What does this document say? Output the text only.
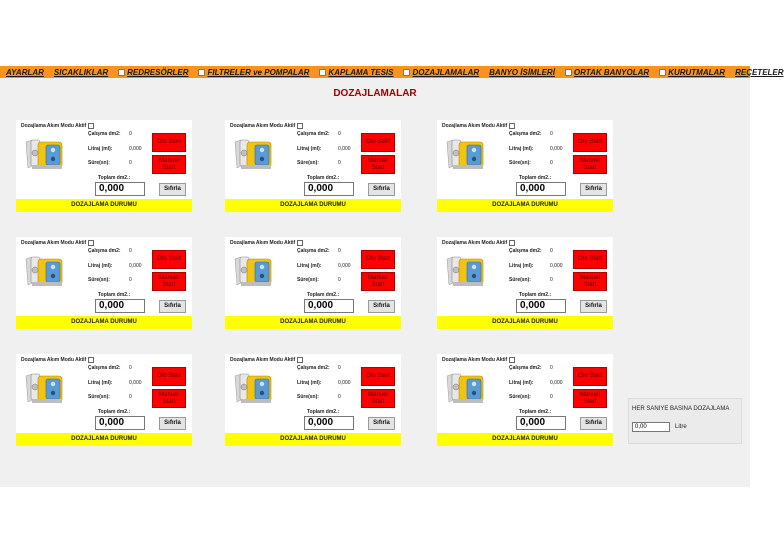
AYARLAR SICAKLIKLAR REDRESÖRLER FILTRELER ve POMPALAR KAPLAMA TESIS DOZAJLAMALAR BANYO İSİMLERİ ORTAK BANYOLAR KURUTMALAR REÇETELER
DOZAJLAMALAR
Dozajlama Akım Modu Aktif
Çalışma dm2: 0
Litraj (ml):	0,000
Süre(sn):	0
Oto Start
Manuel Start
Toplam dm2.:
0,000	Sıfırla
DOZAJLAMA DURUMU
Dozajlama Akım Modu Aktif
Çalışma dm2: 0
Litraj (ml):	0,000
Süre(sn):	0
Oto Start
Manuel Start
Toplam dm2.:
0,000	Sıfırla
DOZAJLAMA DURUMU
Dozajlama Akım Modu Aktif
Çalışma dm2: 0
Litraj (ml):	0,000
Süre(sn):	0
Oto Start
Manuel Start
Toplam dm2.:
0,000	Sıfırla
DOZAJLAMA DURUMU
Dozajlama Akım Modu Aktif
Çalışma dm2: 0
Litraj (ml):	0,000
Süre(sn):	0
Oto Start
Manuel Start
Toplam dm2.:
0,000	Sıfırla
DOZAJLAMA DURUMU
Dozajlama Akım Modu Aktif
Çalışma dm2: 0
Litraj (ml):	0,000
Süre(sn):	0
Oto Start
Manuel Start
Toplam dm2.:
0,000	Sıfırla
DOZAJLAMA DURUMU
Dozajlama Akım Modu Aktif
Çalışma dm2: 0
Litraj (ml):	0,000
Süre(sn):	0
Oto Start
Manuel Start
Toplam dm2.:
0,000	Sıfırla
DOZAJLAMA DURUMU
Dozajlama Akım Modu Aktif
Çalışma dm2: 0
Litraj (ml):	0,000
Süre(sn):	0
Oto Start
Manuel Start
Toplam dm2.:
0,000	Sıfırla
DOZAJLAMA DURUMU
Dozajlama Akım Modu Aktif
Çalışma dm2: 0
Litraj (ml):	0,000
Süre(sn):	0
Oto Start
Manuel Start
Toplam dm2.:
0,000	Sıfırla
DOZAJLAMA DURUMU
Dozajlama Akım Modu Aktif
Çalışma dm2: 0
Litraj (ml):	0,000
Süre(sn):	0
Oto Start
Manuel Start
Toplam dm2.:
0,000	Sıfırla
DOZAJLAMA DURUMU
HER SANIYE BASINA DOZAJLAMA
0,00	Litre
